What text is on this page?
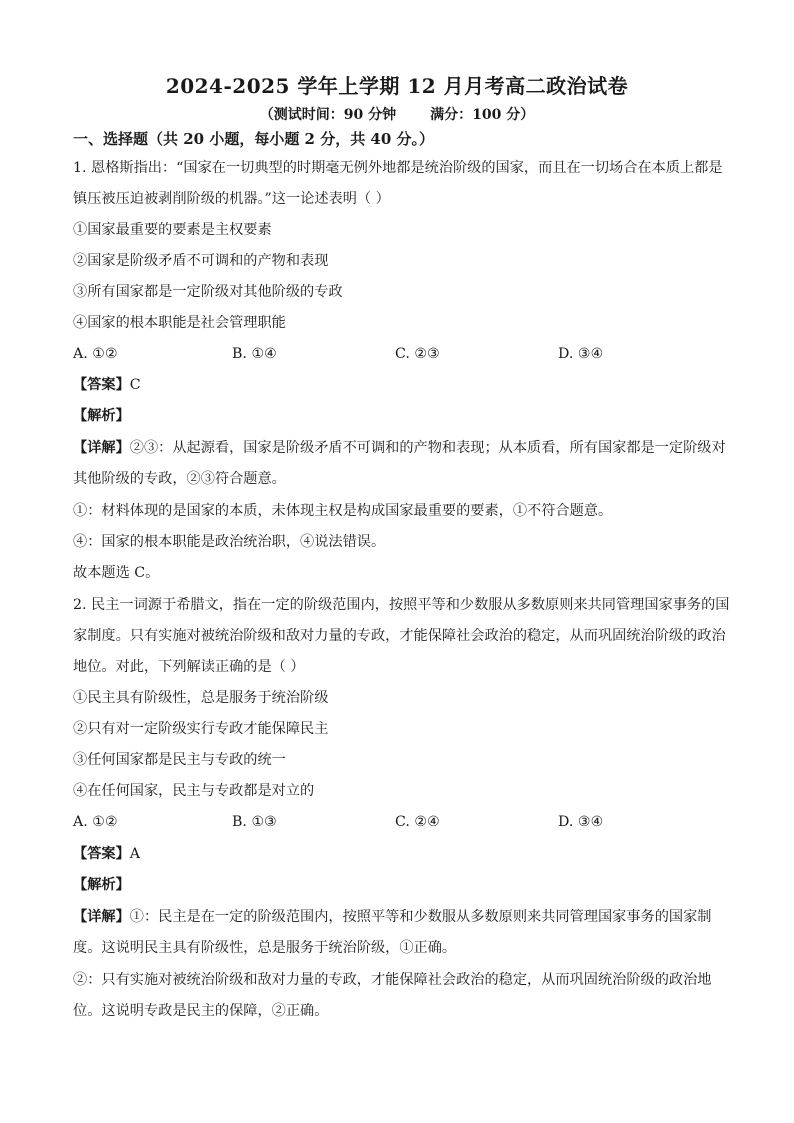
2024-2025 学年上学期 12 月月考高二政治试卷
（测试时间：90 分钟 满分：100 分）
一、选择题（共 20 小题，每小题 2 分，共 40 分。）
1. 恩格斯指出：“国家在一切典型的时期毫无例外地都是统治阶级的国家，而且在一切场合在本质上都是
镇压被压迫被剥削阶级的机器。”这一论述表明（ ）
①国家最重要的要素是主权要素
②国家是阶级矛盾不可调和的产物和表现
③所有国家都是一定阶级对其他阶级的专政
④国家的根本职能是社会管理职能
A. ①②	B. ①④	C. ②③	D. ③④
【答案】C
【解析】
【详解】②③：从起源看，国家是阶级矛盾不可调和的产物和表现；从本质看，所有国家都是一定阶级对
其他阶级的专政，②③符合题意。
①：材料体现的是国家的本质，未体现主权是构成国家最重要的要素，①不符合题意。
④：国家的根本职能是政治统治职，④说法错误。
故本题选 C。
2. 民主一词源于希腊文，指在一定的阶级范围内，按照平等和少数服从多数原则来共同管理国家事务的国
家制度。只有实施对被统治阶级和敌对力量的专政，才能保障社会政治的稳定，从而巩固统治阶级的政治
地位。对此，下列解读正确的是（ ）
①民主具有阶级性，总是服务于统治阶级
②只有对一定阶级实行专政才能保障民主
③任何国家都是民主与专政的统一
④在任何国家，民主与专政都是对立的
A. ①②	B. ①③	C. ②④	D. ③④
【答案】A
【解析】
【详解】①：民主是在一定的阶级范围内，按照平等和少数服从多数原则来共同管理国家事务的国家制
度。这说明民主具有阶级性，总是服务于统治阶级，①正确。
②：只有实施对被统治阶级和敌对力量的专政，才能保障社会政治的稳定，从而巩固统治阶级的政治地
位。这说明专政是民主的保障，②正确。
